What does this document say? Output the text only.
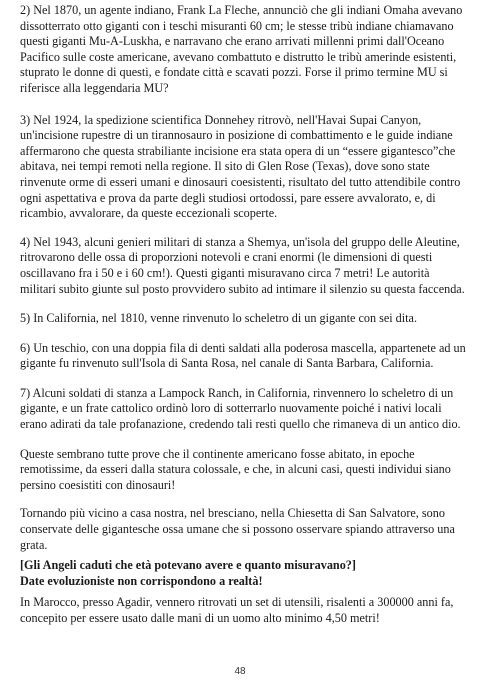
2) Nel 1870, un agente indiano, Frank La Fleche, annunciò che gli indiani Omaha avevano dissotterrato otto giganti con i teschi misuranti 60 cm; le stesse tribù indiane chiamavano questi giganti Mu-A-Luskha, e narravano che erano arrivati millenni primi dall'Oceano Pacifico sulle coste americane, avevano combattuto e distrutto le tribù amerinde esistenti, stuprato le donne di questi, e fondate città e scavati pozzi. Forse il primo termine MU si riferisce alla leggendaria MU?

3) Nel 1924, la spedizione scientifica Donnehey ritrovò, nell'Havai Supai Canyon, un'incisione rupestre di un tirannosauro in posizione di combattimento e le guide indiane affermarono che questa strabiliante incisione era stata opera di un “essere gigantesco”che abitava, nei tempi remoti nella regione. Il sito di Glen Rose (Texas), dove sono state rinvenute orme di esseri umani e dinosauri coesistenti, risultato del tutto attendibile contro ogni aspettativa e prova da parte degli studiosi ortodossi, pare essere avvalorato, e, di ricambio, avvalorare, da queste eccezionali scoperte.

4) Nel 1943, alcuni genieri militari di stanza a Shemya, un'isola del gruppo delle Aleutine, ritrovarono delle ossa di proporzioni notevoli e crani enormi (le dimensioni di questi oscillavano fra i 50 e i 60 cm!). Questi giganti misuravano circa 7 metri! Le autorità militari subito giunte sul posto provvidero subito ad intimare il silenzio su questa faccenda.

5) In California, nel 1810, venne rinvenuto lo scheletro di un gigante con sei dita.

6) Un teschio, con una doppia fila di denti saldati alla poderosa mascella, appartenete ad un gigante fu rinvenuto sull'Isola di Santa Rosa, nel canale di Santa Barbara, California.

7) Alcuni soldati di stanza a Lampock Ranch, in California, rinvennero lo scheletro di un gigante, e un frate cattolico ordinò loro di sotterrarlo nuovamente poiché i nativi locali erano adirati da tale profanazione, credendo tali resti quello che rimaneva di un antico dio.

Queste sembrano tutte prove che il continente americano fosse abitato, in epoche remotissime, da esseri dalla statura colossale, e che, in alcuni casi, questi individui siano persino coesistiti con dinosauri!

Tornando più vicino a casa nostra, nel bresciano, nella Chiesetta di San Salvatore, sono conservate delle gigantesche ossa umane che si possono osservare spiando attraverso una grata.

[Gli Angeli caduti che età potevano avere e quanto misuravano?]
Date evoluzioniste non corrispondono a realtà!

In Marocco, presso Agadir, vennero ritrovati un set di utensili, risalenti a 300000 anni fa, concepito per essere usato dalle mani di un uomo alto minimo 4,50 metri!

48
